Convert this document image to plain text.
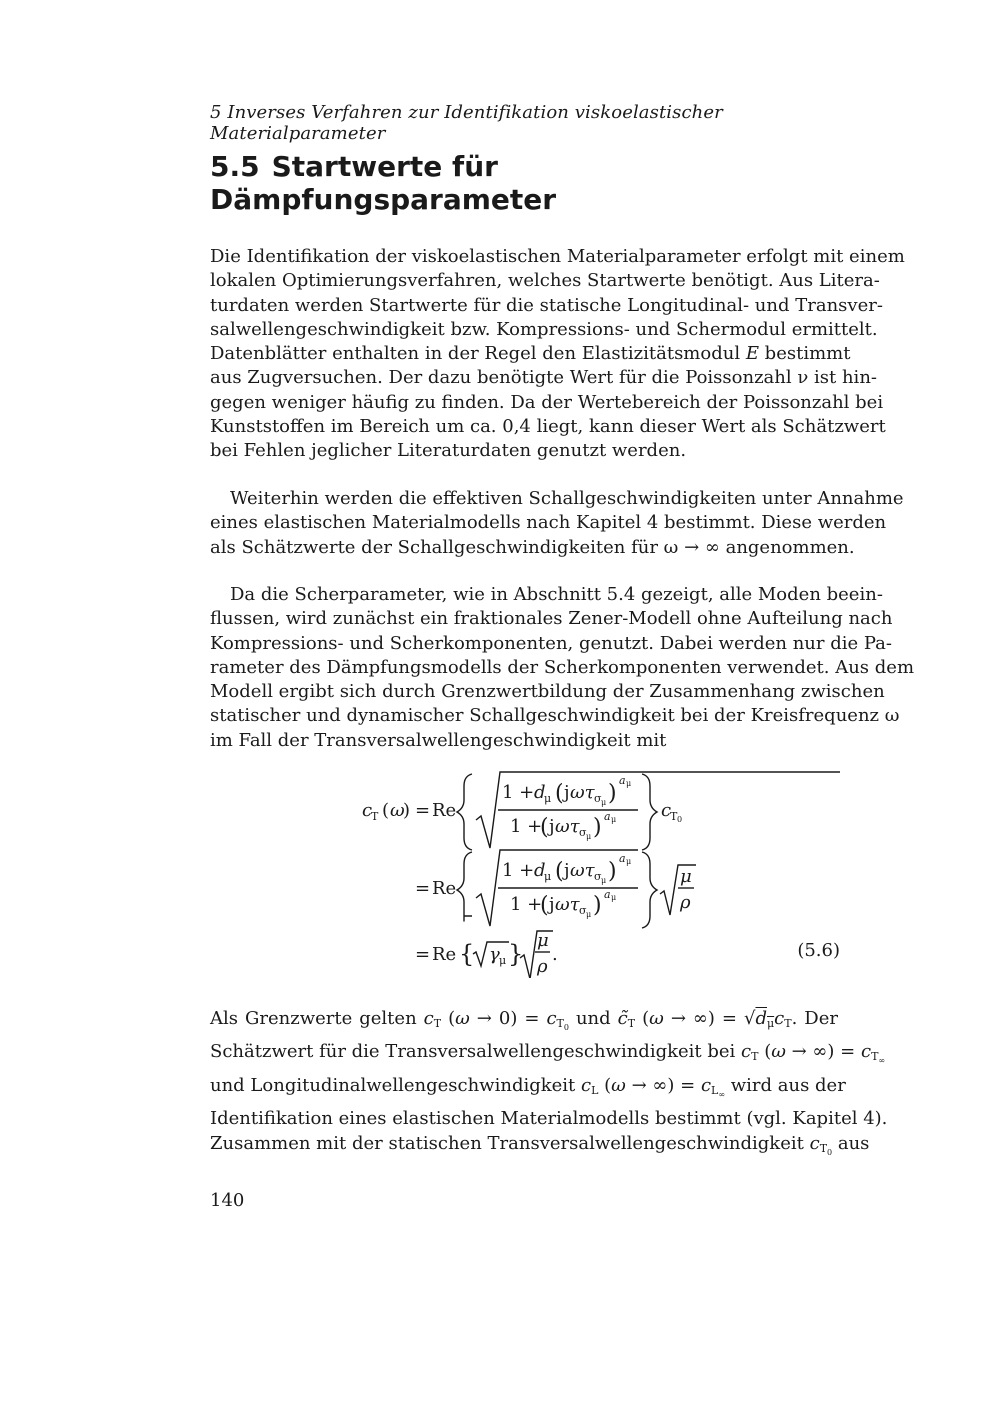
5 Inverses Verfahren zur Identifikation viskoelastischer Materialparameter
5.5 Startwerte für Dämpfungsparameter
Die Identifikation der viskoelastischen Materialparameter erfolgt mit einem
lokalen Optimierungsverfahren, welches Startwerte benötigt. Aus Litera-
turdaten werden Startwerte für die statische Longitudinal- und Transver-
salwellengeschwindigkeit bzw. Kompressions- und Schermodul ermittelt.
Datenblätter enthalten in der Regel den Elastizitätsmodul E bestimmt
aus Zugversuchen. Der dazu benötigte Wert für die Poissonzahl ν ist hin-
gegen weniger häufig zu finden. Da der Wertebereich der Poissonzahl bei
Kunststoffen im Bereich um ca. 0,4 liegt, kann dieser Wert als Schätzwert
bei Fehlen jeglicher Literaturdaten genutzt werden.
Weiterhin werden die effektiven Schallgeschwindigkeiten unter Annahme
eines elastischen Materialmodells nach Kapitel 4 bestimmt. Diese werden
als Schätzwerte der Schallgeschwindigkeiten für ω → ∞ angenommen.
Da die Scherparameter, wie in Abschnitt 5.4 gezeigt, alle Moden beein-
flussen, wird zunächst ein fraktionales Zener-Modell ohne Aufteilung nach
Kompressions- und Scherkomponenten, genutzt. Dabei werden nur die Pa-
rameter des Dämpfungsmodells der Scherkomponenten verwendet. Aus dem
Modell ergibt sich durch Grenzwertbildung der Zusammenhang zwischen
statischer und dynamischer Schallgeschwindigkeit bei der Kreisfrequenz ω
im Fall der Transversalwellengeschwindigkeit mit
c
T ( ω
) = Re
1 + d
μ ( j ωτ σ μ )
a μ
1 +
( j ωτ σ μ ) a μ c
T 0
= Re
1 + d
μ ( j ωτ σ μ )
a μ
1 +
( j ωτ σ μ ) a μ
μ
ρ
= Re { γ μ } μ
ρ
.	(5.6)
Als Grenzwerte gelten $c_T$ $(\omega \to 0) = c_{T_0}$ und $c̃_T$ (ω → ∞) = $√d_\mu c_T$. Der
Schätzwert für die Transversalwellengeschwindigkeit bei $c_T$ (ω → ∞) = $c_{T_\infty}$
und Longitudinalwellengeschwindigkeit $c_L$ (ω → ∞) = $c_{L_\infty}$ wird aus der
Identifikation eines elastischen Materialmodells bestimmt (vgl. Kapitel 4).
Zusammen mit der statischen Transversalwellengeschwindigkeit $c_{T_0}$ aus
140
